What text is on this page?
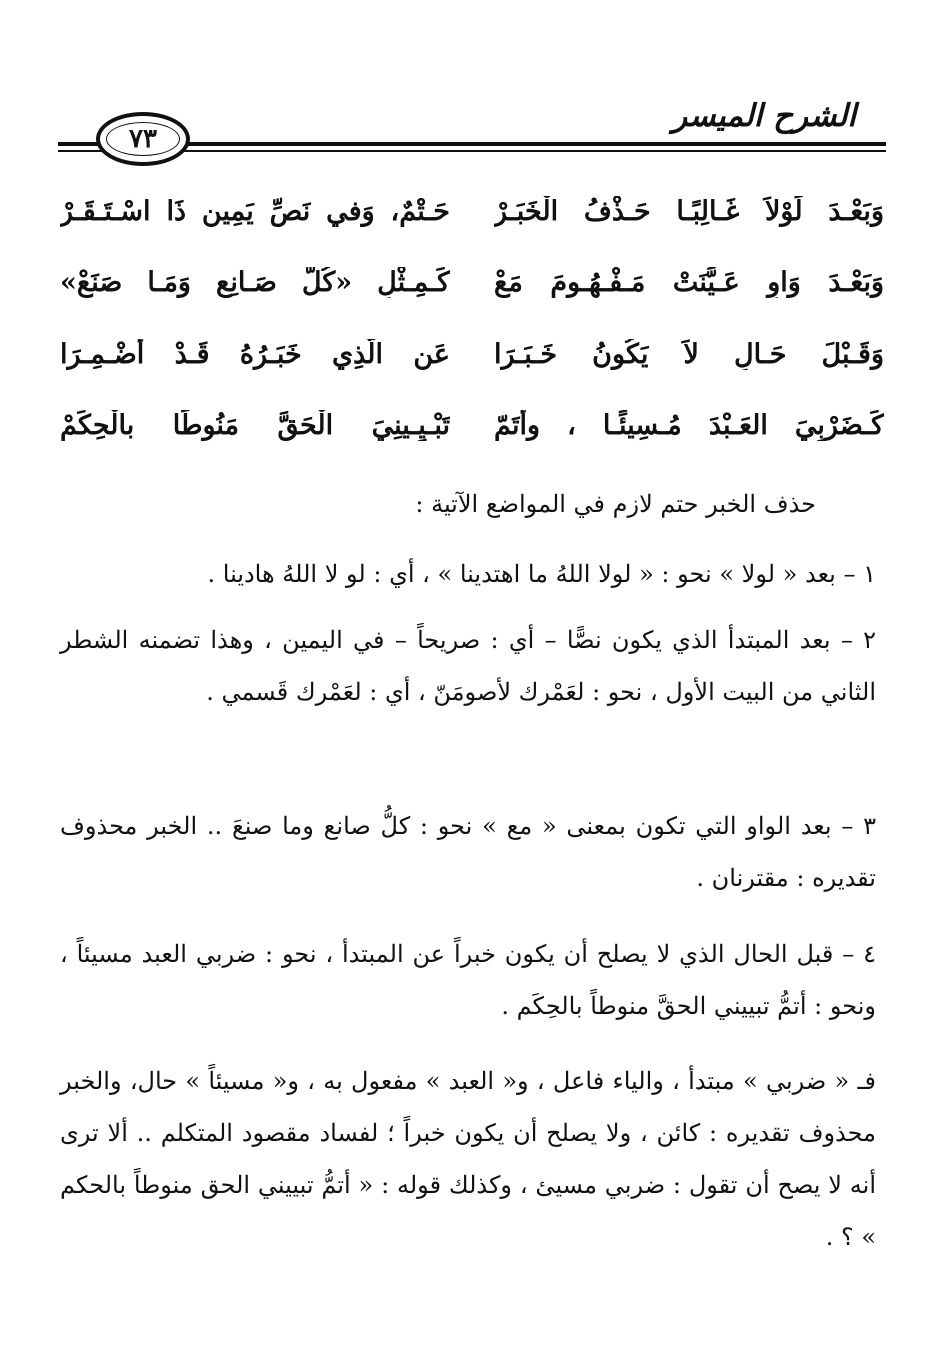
الشرح الميسر
٧٣
وَبَعْـدَ لَوْلاَ غَـالِبًـا حَـذْفُ الْخَبَـرْ
حَـتْمٌ، وَفي نَصِّ يَمِينٍ ذَا اسْـتَـقَـرْ
وَبَعْـدَ وَاوٍ عَـيَّنَتْ مَـفْـهُـومَ مَعْ
كَـمِـثْلِ «كُلُّ صَـانِعٍ وَمَـا صَنَعْ»
وَقَـبْلَ حَـالٍ لاَ يَكُونُ خَـبَـرَا
عَنِ الَّذِي خَبَـرُهُ قَـدْ أُضْـمِـرَا
كَـضَرْبِيَ العَـبْدَ مُـسِيئًـا ، وأَتَمّ
تَبْـيِـينِيَ الْحَقَّ مَنُوطًا بالْحِكَمْ
حذف الخبر حتم لازم في المواضع الآتية :
١ – بعد « لولا » نحو : « لولا اللهُ ما اهتدينا » ، أي : لو لا اللهُ هادينا .
٢ – بعد المبتدأ الذي يكون نصًّا – أي : صريحاً – في اليمين ، وهذا تضمنه الشطر الثاني من البيت الأول ، نحو : لعَمْرك لأصومَنّ ، أي : لعَمْرك قَسمي .
٣ – بعد الواو التي تكون بمعنى « مع » نحو : كلُّ صانع وما صنعَ .. الخبر محذوف تقديره : مقترنان .
٤ – قبل الحال الذي لا يصلح أن يكون خبراً عن المبتدأ ، نحو : ضربي العبد مسيئاً ، ونحو : أتمُّ تبييني الحقَّ منوطاً بالحِكَم .
فـ « ضربي » مبتدأ ، والياء فاعل ، و« العبد » مفعول به ، و« مسيئاً » حال، والخبر محذوف تقديره : كائن ، ولا يصلح أن يكون خبراً ؛ لفساد مقصود المتكلم .. ألا ترى أنه لا يصح أن تقول : ضربي مسيئ ، وكذلك قوله : « أتمُّ تبييني الحق منوطاً بالحكم » ؟ .
